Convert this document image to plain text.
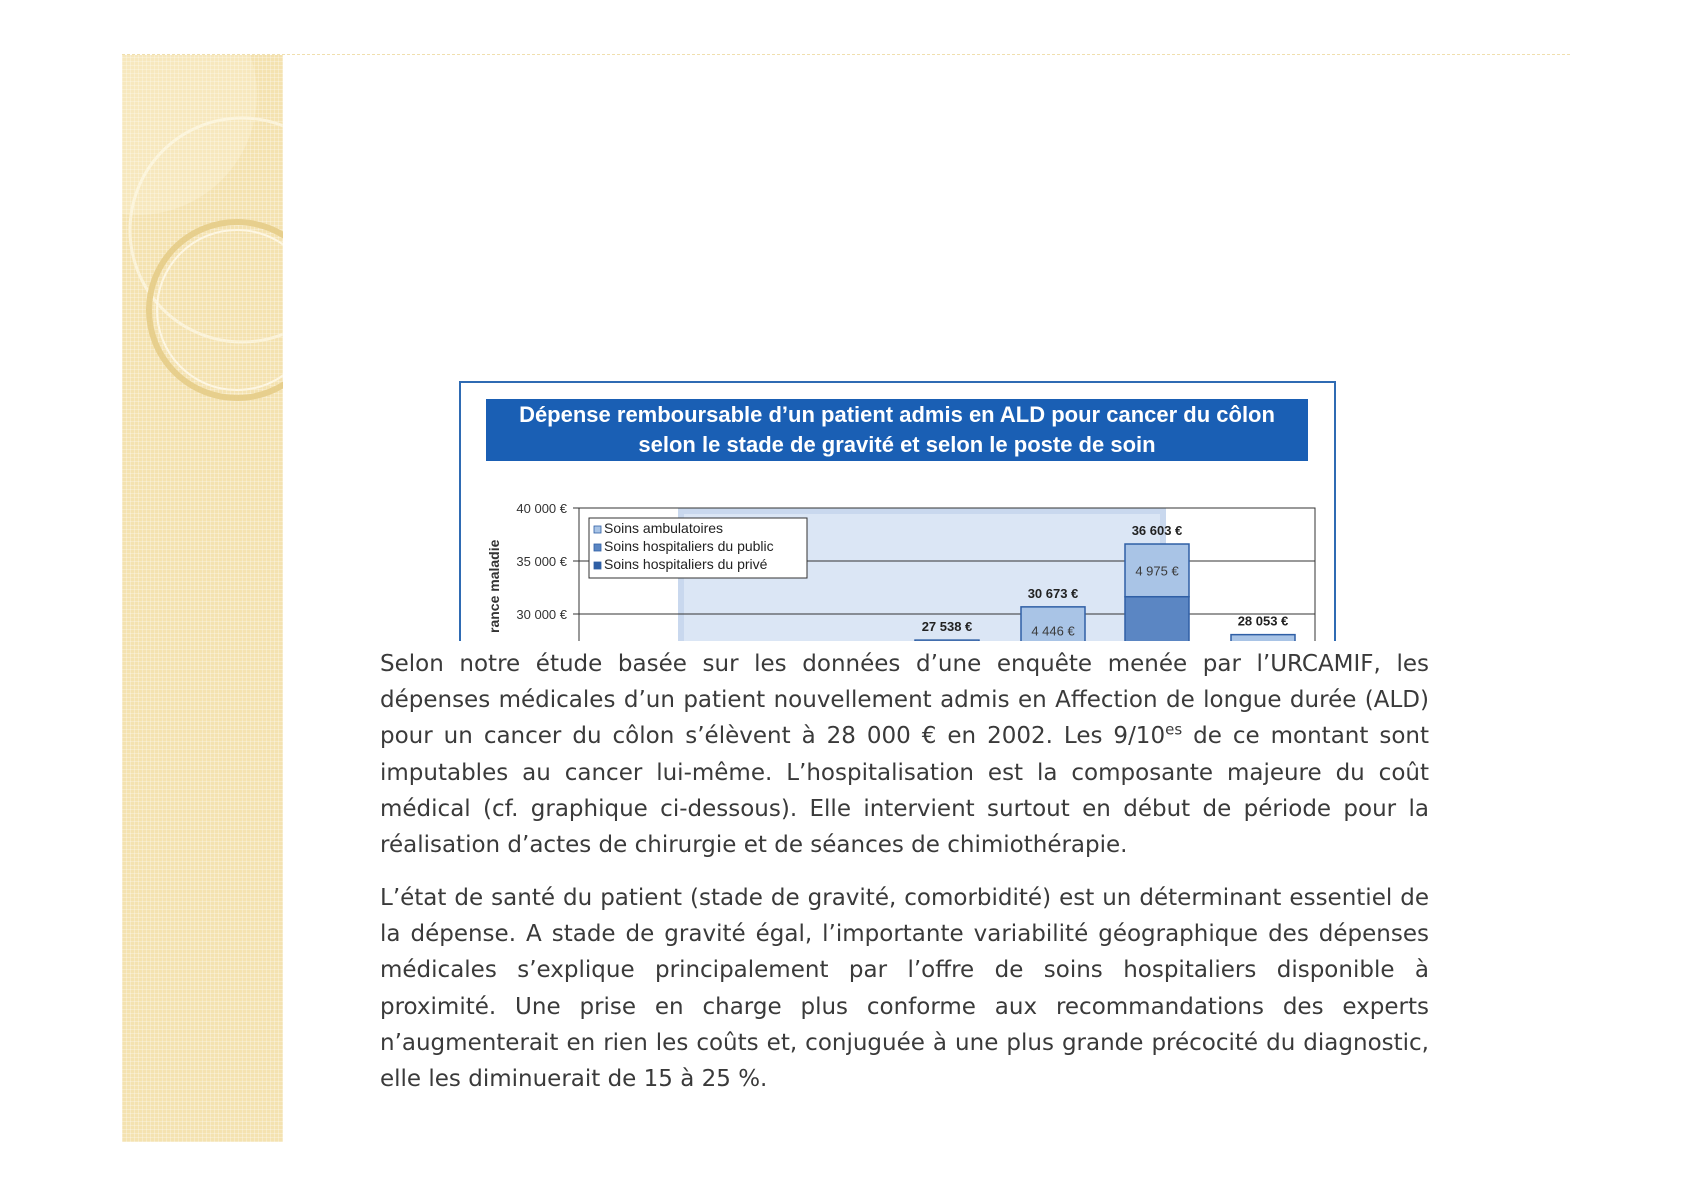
40 000 €
35 000 €
30 000 €
rance maladie	27 538 €	4 446 €
30 673 €
4 975 €
36 603 €
28 053 €
Soins ambulatoires
Soins hospitaliers du public
Soins hospitaliers du privé
Dépense remboursable d’un patient admis en ALD pour cancer du côlon
selon le stade de gravité et selon le poste de soin

Selon notre étude basée sur les données d’une enquête menée par l’URCAMIF, les dépenses médicales d’un patient nouvellement admis en Affection de longue durée (ALD) pour un cancer du côlon s’élèvent à 28 000 € en 2002. Les $9/10^{es}$ de ce montant sont imputables au cancer lui-même. L’hospitalisation est la composante majeure du coût médical (cf. graphique ci-dessous). Elle intervient surtout en début de période pour la réalisation d’actes de chirurgie et de séances de chimiothérapie.

L’état de santé du patient (stade de gravité, comorbidité) est un déterminant essentiel de la dépense. A stade de gravité égal, l’importante variabilité géographique des dépenses médicales s’explique principalement par l’offre de soins hospitaliers disponible à proximité. Une prise en charge plus conforme aux recommandations des experts n’augmenterait en rien les coûts et, conjuguée à une plus grande précocité du diagnostic, elle les diminuerait de 15 à 25 %.
